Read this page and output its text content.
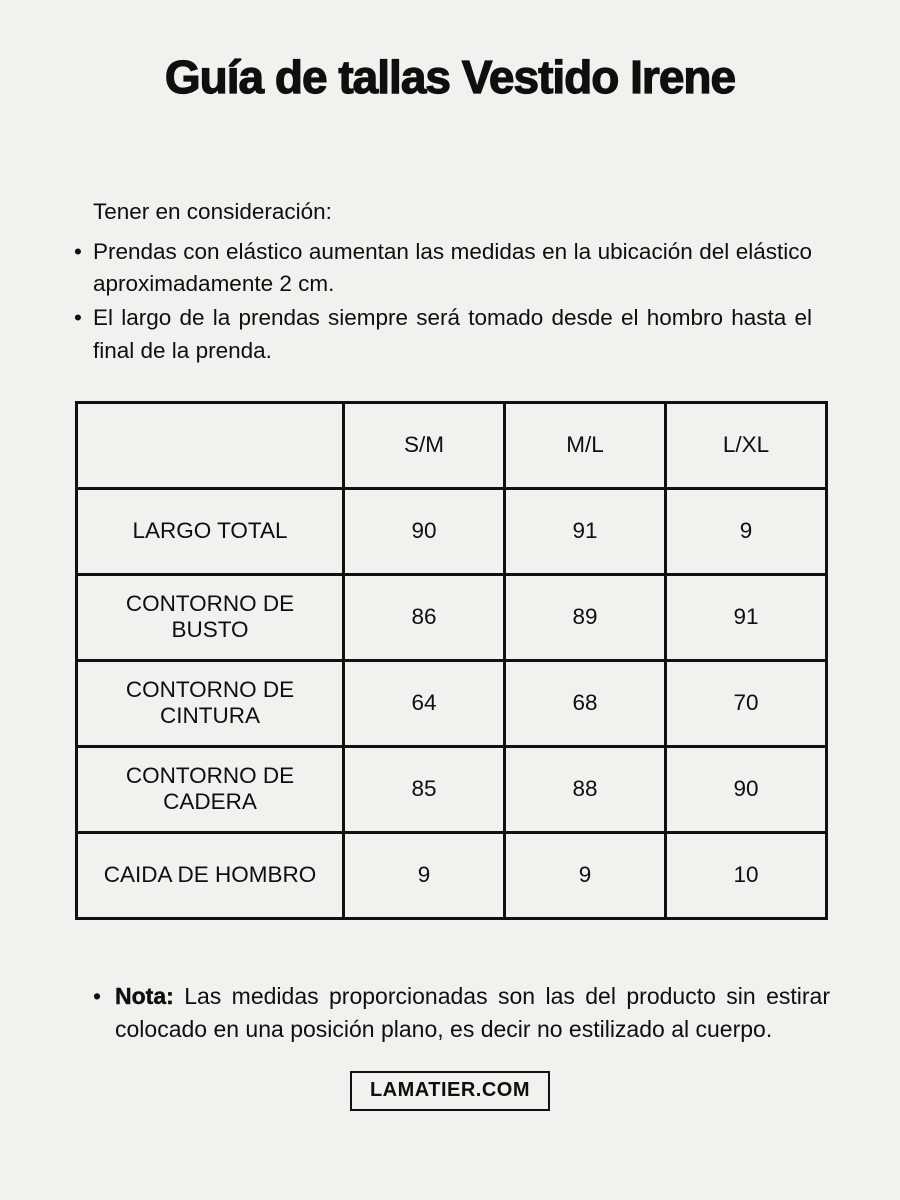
Guía de tallas Vestido Irene

Tener en consideración:

• Prendas con elástico aumentan las medidas en la ubicación del elástico aproximadamente 2 cm.
• El largo de la prendas siempre será tomado desde el hombro hasta el final de la prenda.
	S/M	M/L	L/XL
LARGO TOTAL	90	91	9
CONTORNO DE BUSTO	86	89	91
CONTORNO DE CINTURA	64	68	70
CONTORNO DE CADERA	85	88	90
CAIDA DE HOMBRO	9	9	10
• Nota: Las medidas proporcionadas son las del producto sin estirar colocado en una posición plano, es decir no estilizado al cuerpo.
LAMATIER.COM
